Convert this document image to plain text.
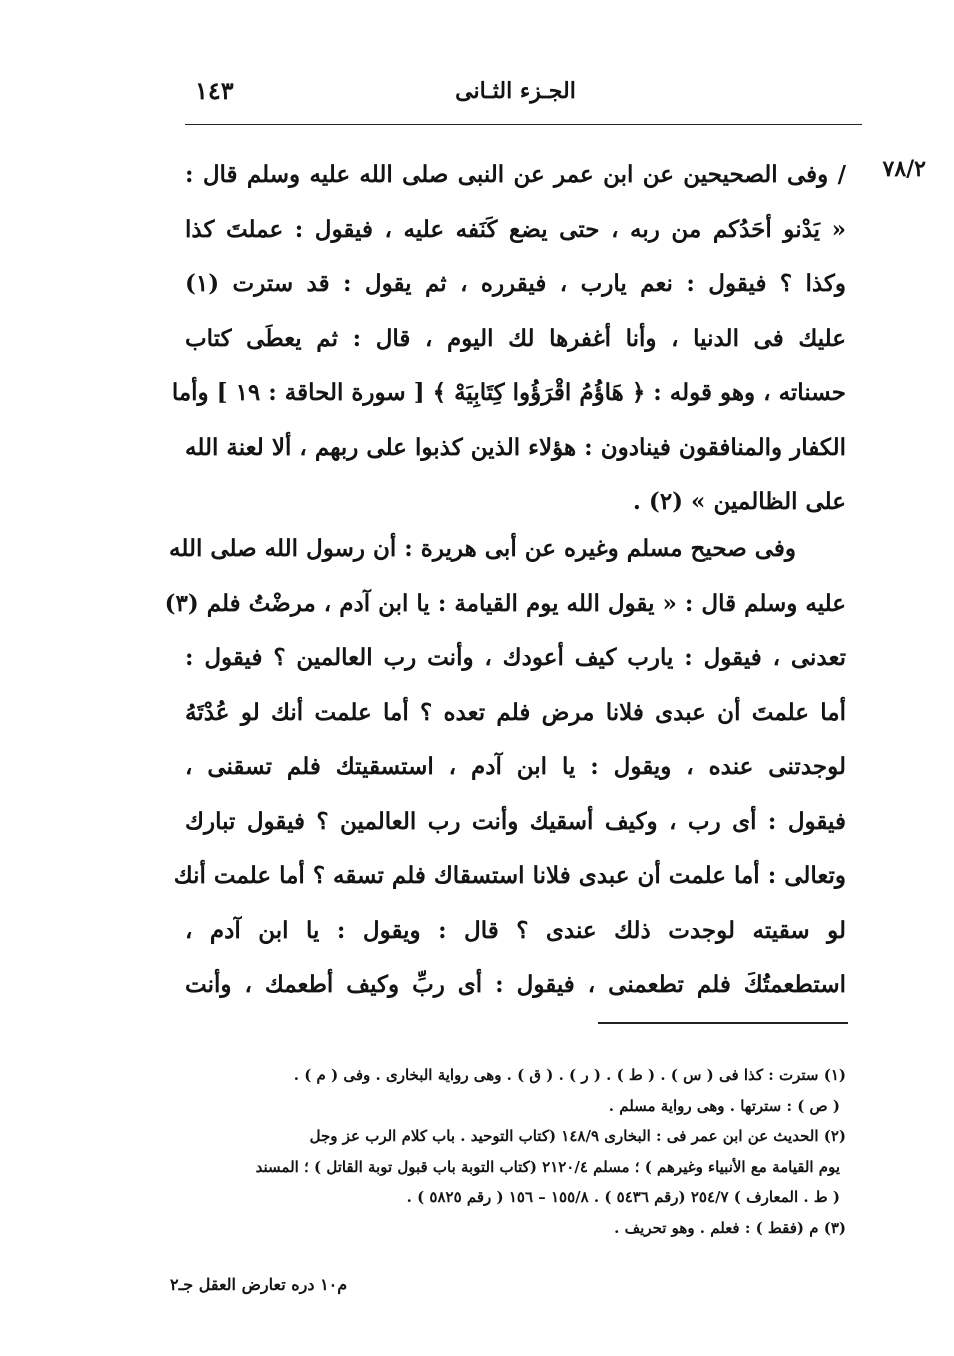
الجـزء الثـانى
١٤٣
٧٨/٢
/ وفى الصحيحين عن ابن عمر عن النبى صلى الله عليه وسلم قال :
« يَدْنو أحَدُكم من ربه ، حتى يضع كَنَفه عليه ، فيقول : عملتَ كذا
وكذا ؟ فيقول : نعم يارب ، فيقرره ، ثم يقول : قد سترت (١)
عليك فى الدنيا ، وأنا أغفرها لك اليوم ، قال : ثم يعطَى كتاب
حسناته ، وهو قوله : ﴿ هَاؤُمُ اقْرَؤُوا كِتَابِيَهْ ﴾ [ سورة الحاقة : ١٩ ] وأما
الكفار والمنافقون فينادون : هؤلاء الذين كذبوا على ربهم ، ألا لعنة الله
على الظالمين » (٢) .
وفى صحيح مسلم وغيره عن أبى هريرة : أن رسول الله صلى الله
عليه وسلم قال : « يقول الله يوم القيامة : يا ابن آدم ، مرضْتُ فلم (٣)
تعدنى ، فيقول : يارب كيف أعودك ، وأنت رب العالمين ؟ فيقول :
أما علمتَ أن عبدى فلانا مرض فلم تعده ؟ أما علمت أنك لو عُدْتَهُ
لوجدتنى عنده ، ويقول : يا ابن آدم ، استسقيتك فلم تسقنى ،
فيقول : أى رب ، وكيف أسقيك وأنت رب العالمين ؟ فيقول تبارك
وتعالى : أما علمت أن عبدى فلانا استسقاك فلم تسقه ؟ أما علمت أنك
لو سقيته لوجدت ذلك عندى ؟ قال : ويقول : يا ابن آدم ،
استطعمتُكَ فلم تطعمنى ، فيقول : أى ربِّ وكيف أطعمك ، وأنت
(١) سترت : كذا فى ( س ) . ( ط ) . ( ر ) . ( ق ) . وهى رواية البخارى . وفى ( م ) .
( ص ) : سترتها . وهى رواية مسلم .
(٢) الحديث عن ابن عمر فى : البخارى ١٤٨/٩ (كتاب التوحيد . باب كلام الرب عز وجل
يوم القيامة مع الأنبياء وغيرهم ) ؛ مسلم ٢١٢٠/٤ (كتاب التوبة باب قبول توبة القاتل ) ؛ المسند
( ط . المعارف ) ٢٥٤/٧ (رقم ٥٤٣٦ ) . ١٥٥/٨ – ١٥٦ ( رقم ٥٨٢٥ ) .
(٣) م (فقط ) : فعلم . وهو تحريف .
م١٠ دره تعارض العقل جـ٢
